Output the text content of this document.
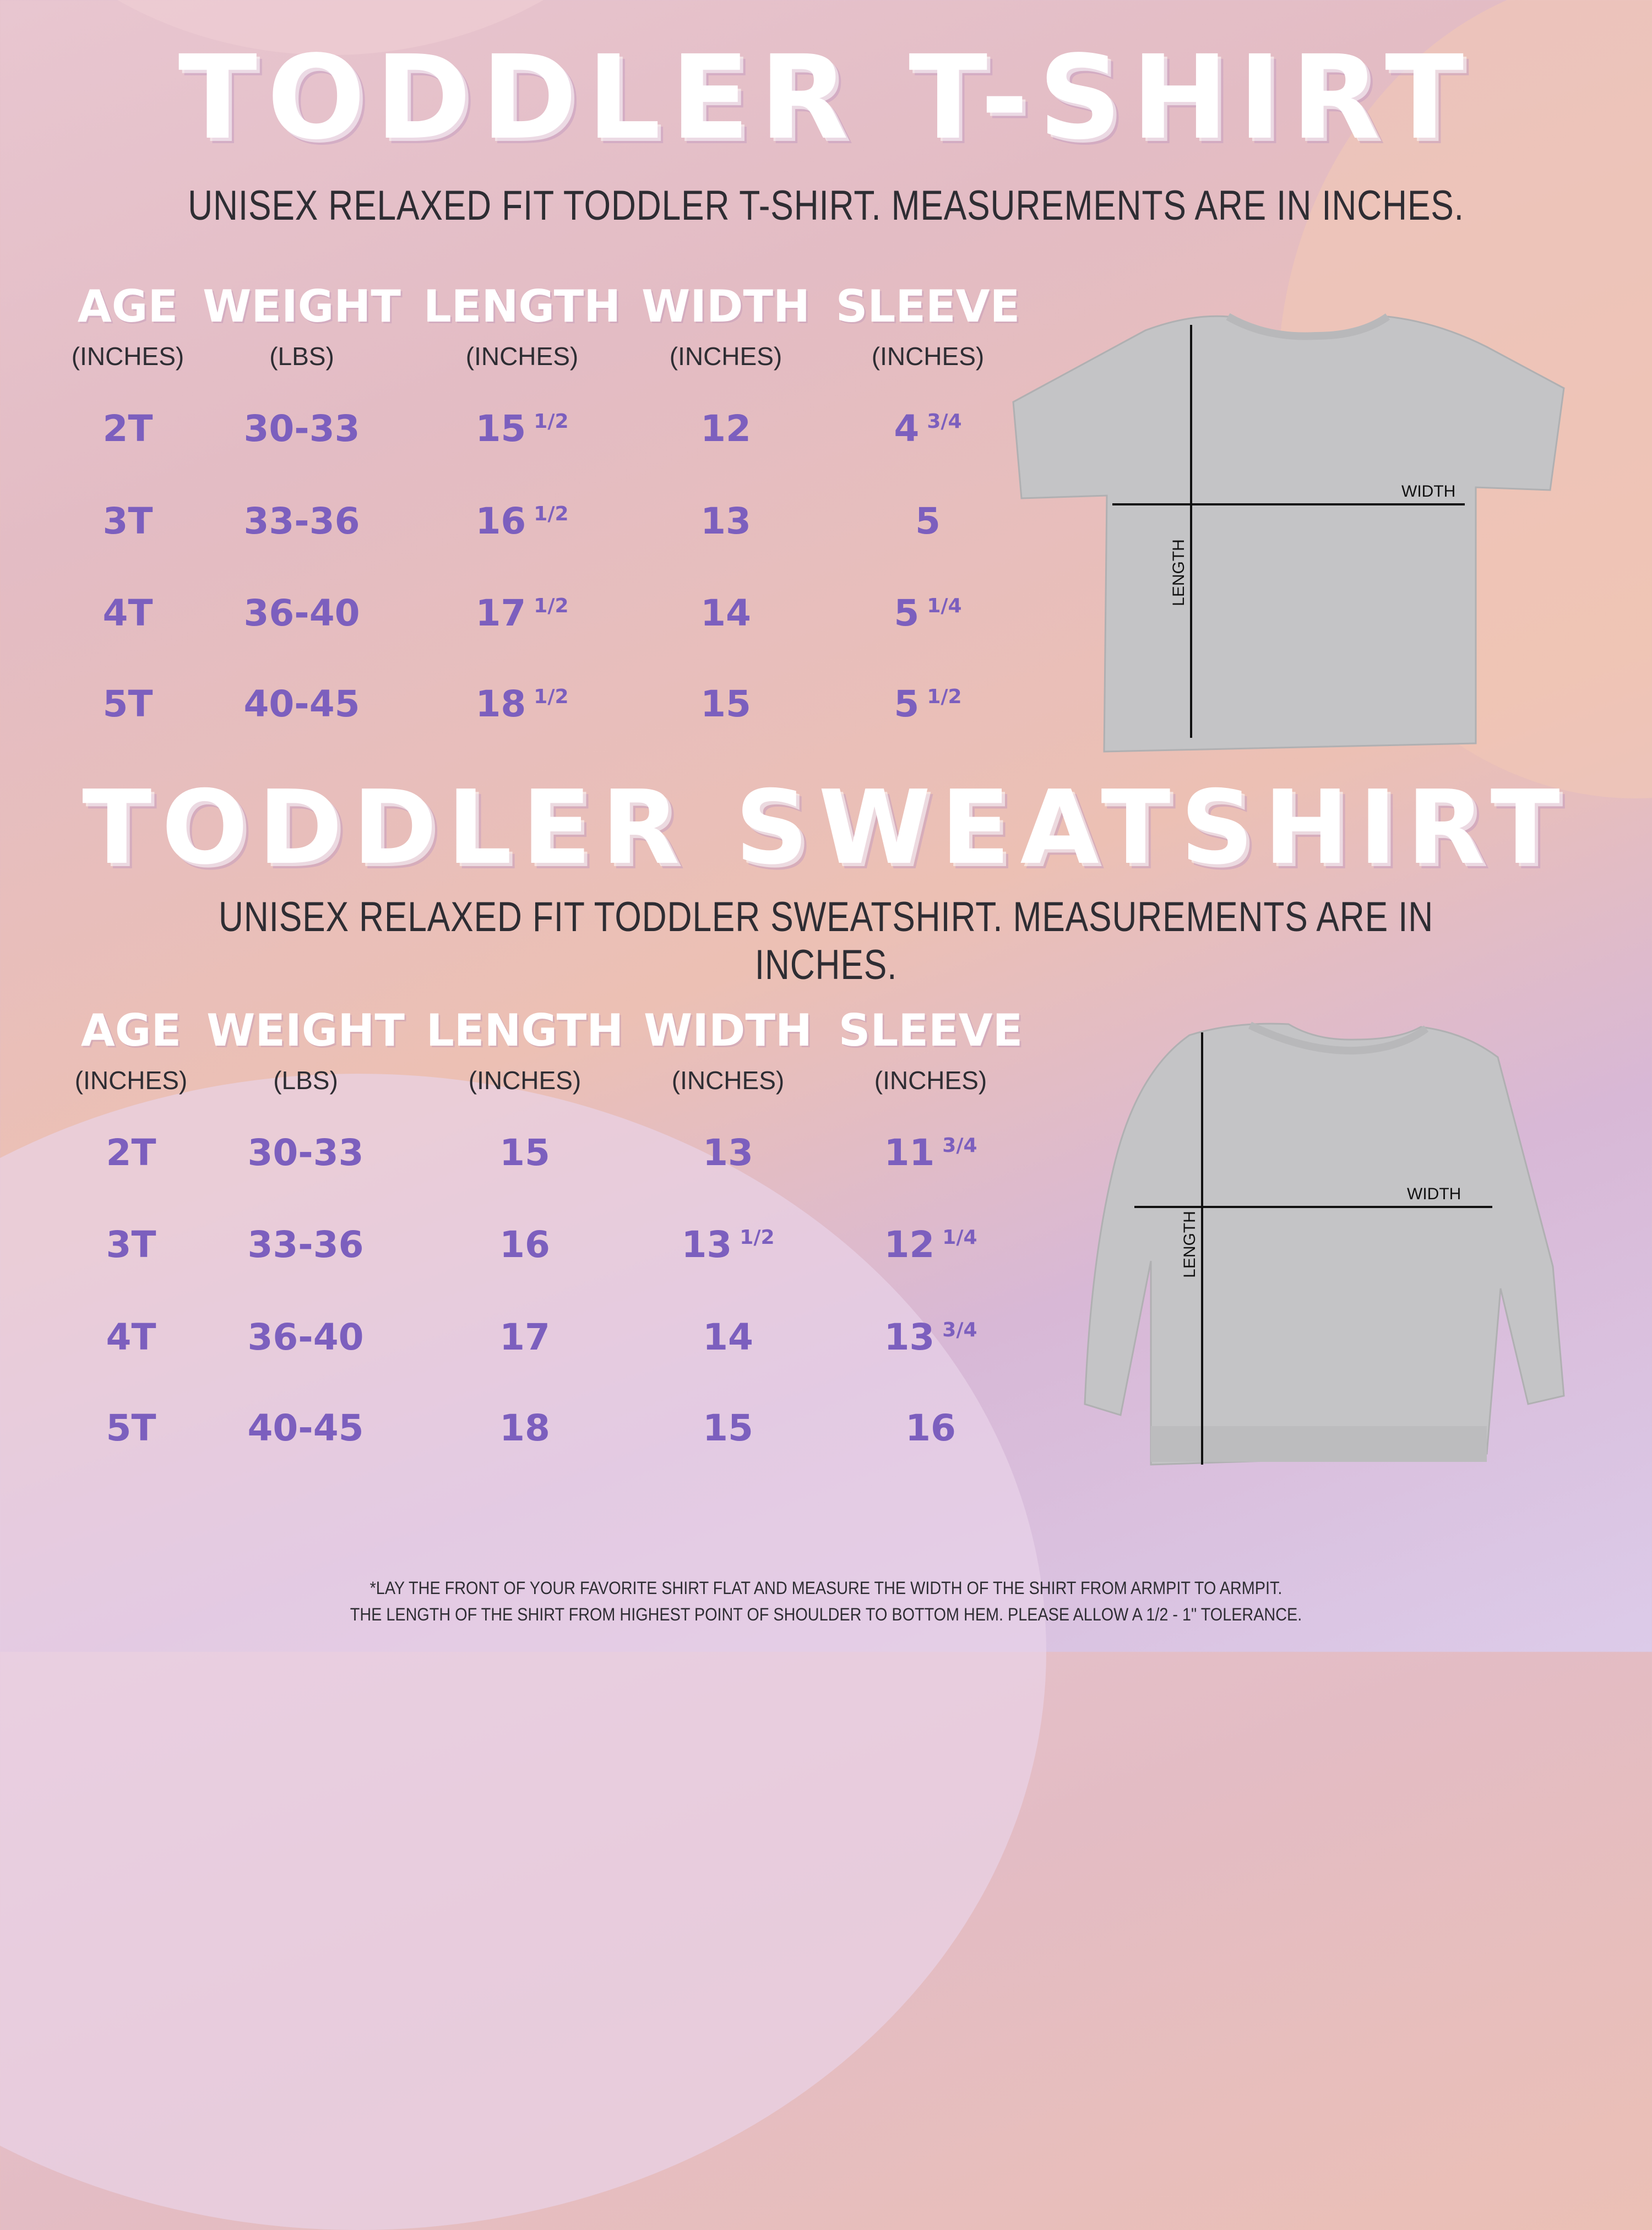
TODDLER T-SHIRT

UNISEX RELAXED FIT TODDLER T-SHIRT. MEASUREMENTS ARE IN INCHES.

AGE
(INCHES)
WEIGHT
(LBS)
LENGTH
(INCHES)
WIDTH
(INCHES)
SLEEVE
(INCHES)
2T 30-33	15 $^{1/2}$	12	4 $^{3/4}$
3T 33-36	16 $^{1/2}$	13	5
4T 36-40	17 $^{1/2}$	14	5 $^{1/4}$
5T 40-45	18 $^{1/2}$	15	5 $^{1/2}$
WIDTH
LENGTH
TODDLER SWEATSHIRT

UNISEX RELAXED FIT TODDLER SWEATSHIRT. MEASUREMENTS ARE IN INCHES.

AGE
(INCHES)
WEIGHT
(LBS)
LENGTH
(INCHES)
WIDTH
(INCHES)
SLEEVE
(INCHES)
2T	30-33	15	13	11 $^{3/4}$
3T	33-36	16	13 $^{1/2}$	12 $^{1/4}$
4T	36-40	17	14	13 $^{3/4}$
5T	40-45	18	15	16
WIDTH
LENGTH
*LAY THE FRONT OF YOUR FAVORITE SHIRT FLAT AND MEASURE THE WIDTH OF THE SHIRT FROM ARMPIT TO ARMPIT.
THE LENGTH OF THE SHIRT FROM HIGHEST POINT OF SHOULDER TO BOTTOM HEM. PLEASE ALLOW A 1/2 - 1" TOLERANCE.
